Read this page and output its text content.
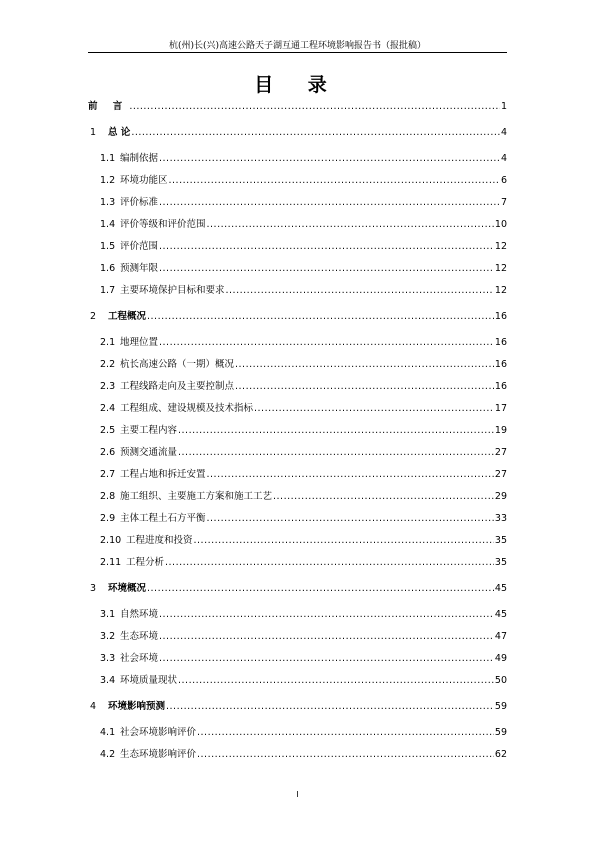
杭(州)长(兴)高速公路天子湖互通工程环境影响报告书（报批稿）
目 录
前 言 .....	1
1	总 论 .....	4
1.1 编制依据 .....	4
1.2 环境功能区 .....	6
1.3 评价标准 .....	7
1.4 评价等级和评价范围 .....	10
1.5 评价范围 .....	12
1.6 预测年限 .....	12
1.7 主要环境保护目标和要求 .....	12
2	工程概况 .....	16
2.1 地理位置 .....	16
2.2 杭长高速公路（一期）概况 .....	16
2.3 工程线路走向及主要控制点 .....	16
2.4 工程组成、建设规模及技术指标 .....	17
2.5 主要工程内容 .....	19
2.6 预测交通流量 .....	27
2.7 工程占地和拆迁安置 .....	27
2.8 施工组织、主要施工方案和施工工艺 .....	29
2.9 主体工程土石方平衡 .....	33
2.10 工程进度和投资 .....	35
2.11 工程分析 .....	35
3	环境概况 .....	45
3.1 自然环境 .....	45
3.2 生态环境 .....	47
3.3 社会环境 .....	49
3.4 环境质量现状 .....	50
4	环境影响预测 .....	59
4.1 社会环境影响评价 .....	59
4.2 生态环境影响评价 .....	62
I
